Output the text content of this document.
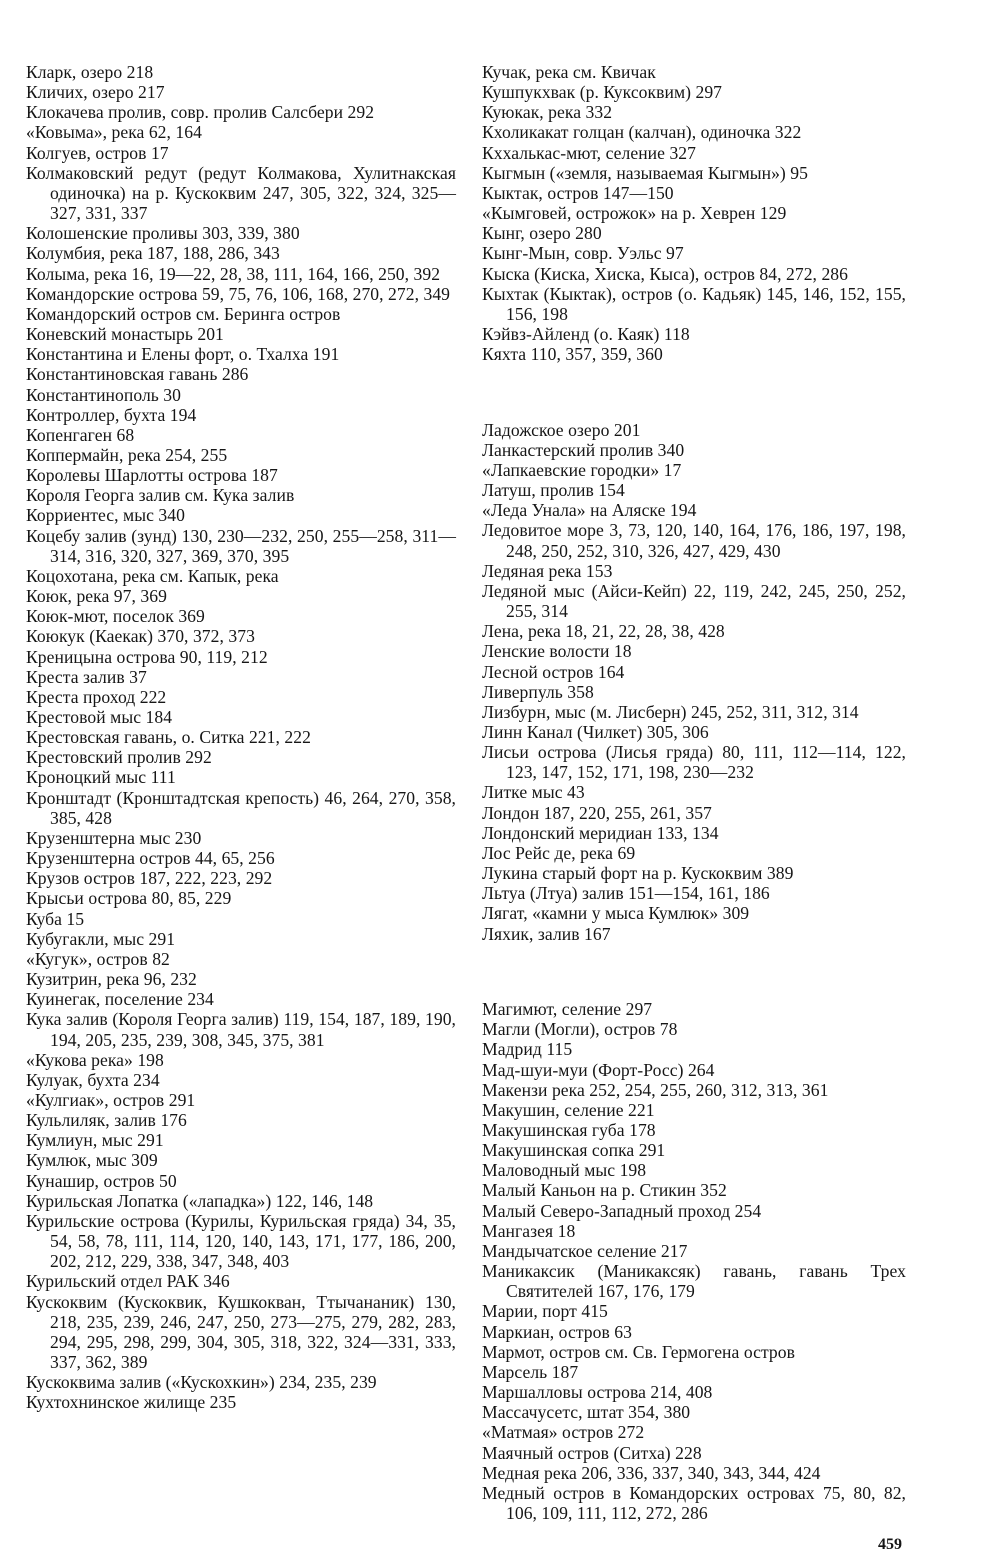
Кларк, озеро 218

Кличих, озеро 217

Клокачева пролив, совр. пролив Салсбери 292

«Ковыма», река 62, 164

Колгуев, остров 17

Колмаковский редут (редут Колмакова, Хулитнакская одиночка) на р. Кускоквим 247, 305, 322, 324, 325—327, 331, 337

Колошенские проливы 303, 339, 380

Колумбия, река 187, 188, 286, 343

Колыма, река 16, 19—22, 28, 38, 111, 164, 166, 250, 392

Командорские острова 59, 75, 76, 106, 168, 270, 272, 349

Командорский остров см. Беринга остров

Коневский монастырь 201

Константина и Елены форт, о. Тхалха 191

Константиновская гавань 286

Константинополь 30

Контроллер, бухта 194

Копенгаген 68

Коппермайн, река 254, 255

Королевы Шарлотты острова 187

Короля Георга залив см. Кука залив

Корриентес, мыс 340

Коцебу залив (зунд) 130, 230—232, 250, 255—258, 311—314, 316, 320, 327, 369, 370, 395

Коцохотана, река см. Капык, река

Коюк, река 97, 369

Коюк-мют, поселок 369

Коюкук (Каекак) 370, 372, 373

Креницына острова 90, 119, 212

Креста залив 37

Креста проход 222

Крестовой мыс 184

Крестовская гавань, о. Ситка 221, 222

Крестовский пролив 292

Кроноцкий мыс 111

Кронштадт (Кронштадтская крепость) 46, 264, 270, 358, 385, 428

Крузенштерна мыс 230

Крузенштерна остров 44, 65, 256

Крузов остров 187, 222, 223, 292

Крысьи острова 80, 85, 229

Куба 15

Кубугакли, мыс 291

«Кугук», остров 82

Кузитрин, река 96, 232

Куинегак, поселение 234

Кука залив (Короля Георга залив) 119, 154, 187, 189, 190, 194, 205, 235, 239, 308, 345, 375, 381

«Кукова река» 198

Кулуак, бухта 234

«Кулгиак», остров 291

Кульлиляк, залив 176

Кумлиун, мыс 291

Кумлюк, мыс 309

Кунашир, остров 50

Курильская Лопатка («лападка») 122, 146, 148

Курильские острова (Курилы, Курильская гряда) 34, 35, 54, 58, 78, 111, 114, 120, 140, 143, 171, 177, 186, 200, 202, 212, 229, 338, 347, 348, 403

Курильский отдел РАК 346

Кускоквим (Кускоквик, Кушкокван, Ттычананик) 130, 218, 235, 239, 246, 247, 250, 273—275, 279, 282, 283, 294, 295, 298, 299, 304, 305, 318, 322, 324—331, 333, 337, 362, 389

Кускоквима залив («Кускохкин») 234, 235, 239

Кухтохнинское жилище 235

Кучак, река см. Квичак

Кушпукхвак (р. Куксоквим) 297

Куюкак, река 332

Кхоликакат голцан (калчан), одиночка 322

Кххалькас-мют, селение 327

Кыгмын («земля, называемая Кыгмын») 95

Кыктак, остров 147—150

«Кымговей, острожок» на р. Хеврен 129

Кынг, озеро 280

Кынг-Мын, совр. Уэльс 97

Кыска (Киска, Хиска, Кыса), остров 84, 272, 286

Кыхтак (Кыктак), остров (о. Кадьяк) 145, 146, 152, 155, 156, 198

Кэйвз-Айленд (о. Каяк) 118

Кяхта 110, 357, 359, 360

Ладожское озеро 201

Ланкастерский пролив 340

«Лапкаевские городки» 17

Латуш, пролив 154

«Леда Унала» на Аляске 194

Ледовитое море 3, 73, 120, 140, 164, 176, 186, 197, 198, 248, 250, 252, 310, 326, 427, 429, 430

Ледяная река 153

Ледяной мыс (Айси-Кейп) 22, 119, 242, 245, 250, 252, 255, 314

Лена, река 18, 21, 22, 28, 38, 428

Ленские волости 18

Лесной остров 164

Ливерпуль 358

Лизбурн, мыс (м. Лисберн) 245, 252, 311, 312, 314

Линн Канал (Чилкет) 305, 306

Лисьи острова (Лисья гряда) 80, 111, 112—114, 122, 123, 147, 152, 171, 198, 230—232

Литке мыс 43

Лондон 187, 220, 255, 261, 357

Лондонский меридиан 133, 134

Лос Рейс де, река 69

Лукина старый форт на р. Кускоквим 389

Льтуа (Лтуа) залив 151—154, 161, 186

Лягат, «камни у мыса Кумлюк» 309

Ляхик, залив 167

Магимют, селение 297

Магли (Могли), остров 78

Мадрид 115

Мад-шуи-муи (Форт-Росс) 264

Макензи река 252, 254, 255, 260, 312, 313, 361

Макушин, селение 221

Макушинская губа 178

Макушинская сопка 291

Маловодный мыс 198

Малый Каньон на р. Стикин 352

Малый Северо-Западный проход 254

Мангазея 18

Мандычатское селение 217

Маникаксик (Маникаксяк) гавань, гавань Трех Святителей 167, 176, 179

Марии, порт 415

Маркиан, остров 63

Мармот, остров см. Св. Гермогена остров

Марсель 187

Маршалловы острова 214, 408

Массачусетс, штат 354, 380

«Матмая» остров 272

Маячный остров (Ситха) 228

Медная река 206, 336, 337, 340, 343, 344, 424

Медный остров в Командорских островах 75, 80, 82, 106, 109, 111, 112, 272, 286

459
